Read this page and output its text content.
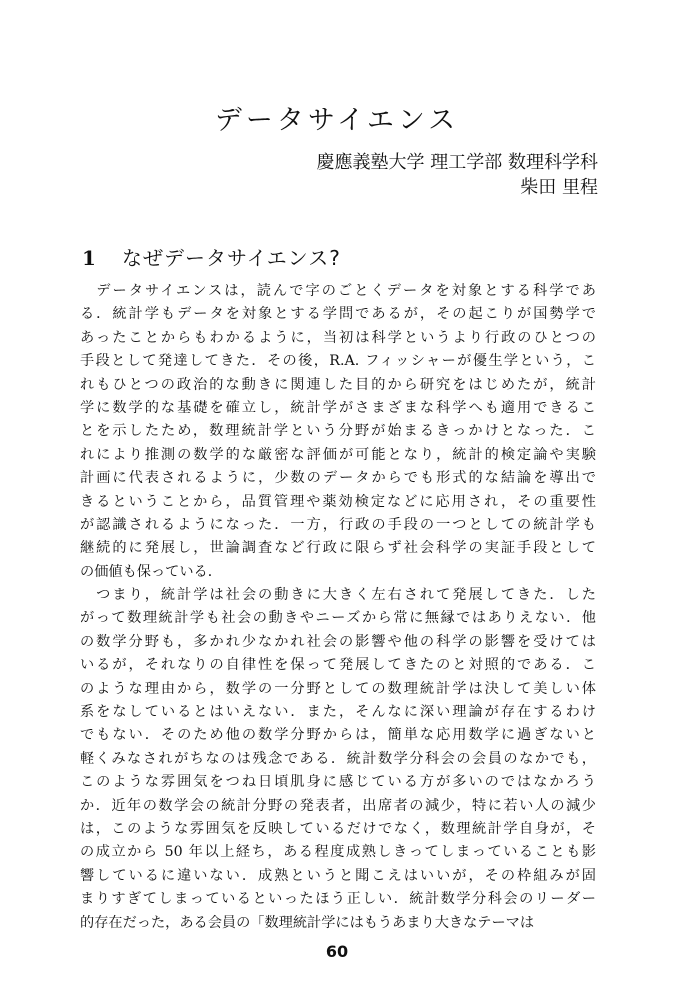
データサイエンス
慶應義塾大学 理工学部 数理科学科
柴田 里程
1 なぜデータサイエンス?
　データサイエンスは，読んで字のごとくデータを対象とする科学であ
る．統計学もデータを対象とする学問であるが，その起こりが国勢学で
あったことからもわかるように，当初は科学というより行政のひとつの
手段として発達してきた．その後，R.A. フィッシャーが優生学という，こ
れもひとつの政治的な動きに関連した目的から研究をはじめたが，統計
学に数学的な基礎を確立し，統計学がさまざまな科学へも適用できるこ
とを示したため，数理統計学という分野が始まるきっかけとなった．こ
れにより推測の数学的な厳密な評価が可能となり，統計的検定論や実験
計画に代表されるように，少数のデータからでも形式的な結論を導出で
きるということから，品質管理や薬効検定などに応用され，その重要性
が認識されるようになった．一方，行政の手段の一つとしての統計学も
継続的に発展し，世論調査など行政に限らず社会科学の実証手段として
の価値も保っている．
　つまり，統計学は社会の動きに大きく左右されて発展してきた．した
がって数理統計学も社会の動きやニーズから常に無縁ではありえない．他
の数学分野も，多かれ少なかれ社会の影響や他の科学の影響を受けては
いるが，それなりの自律性を保って発展してきたのと対照的である．こ
のような理由から，数学の一分野としての数理統計学は決して美しい体
系をなしているとはいえない．また，そんなに深い理論が存在するわけ
でもない．そのため他の数学分野からは，簡単な応用数学に過ぎないと
軽くみなされがちなのは残念である．統計数学分科会の会員のなかでも，
このような雰囲気をつね日頃肌身に感じている方が多いのではなかろう
か．近年の数学会の統計分野の発表者，出席者の減少，特に若い人の減少
は，このような雰囲気を反映しているだけでなく，数理統計学自身が，そ
の成立から 50 年以上経ち，ある程度成熟しきってしまっていることも影
響しているに違いない．成熟というと聞こえはいいが，その枠組みが固
まりすぎてしまっているといったほう正しい．統計数学分科会のリーダー
的存在だった，ある会員の「数理統計学にはもうあまり大きなテーマは
60
